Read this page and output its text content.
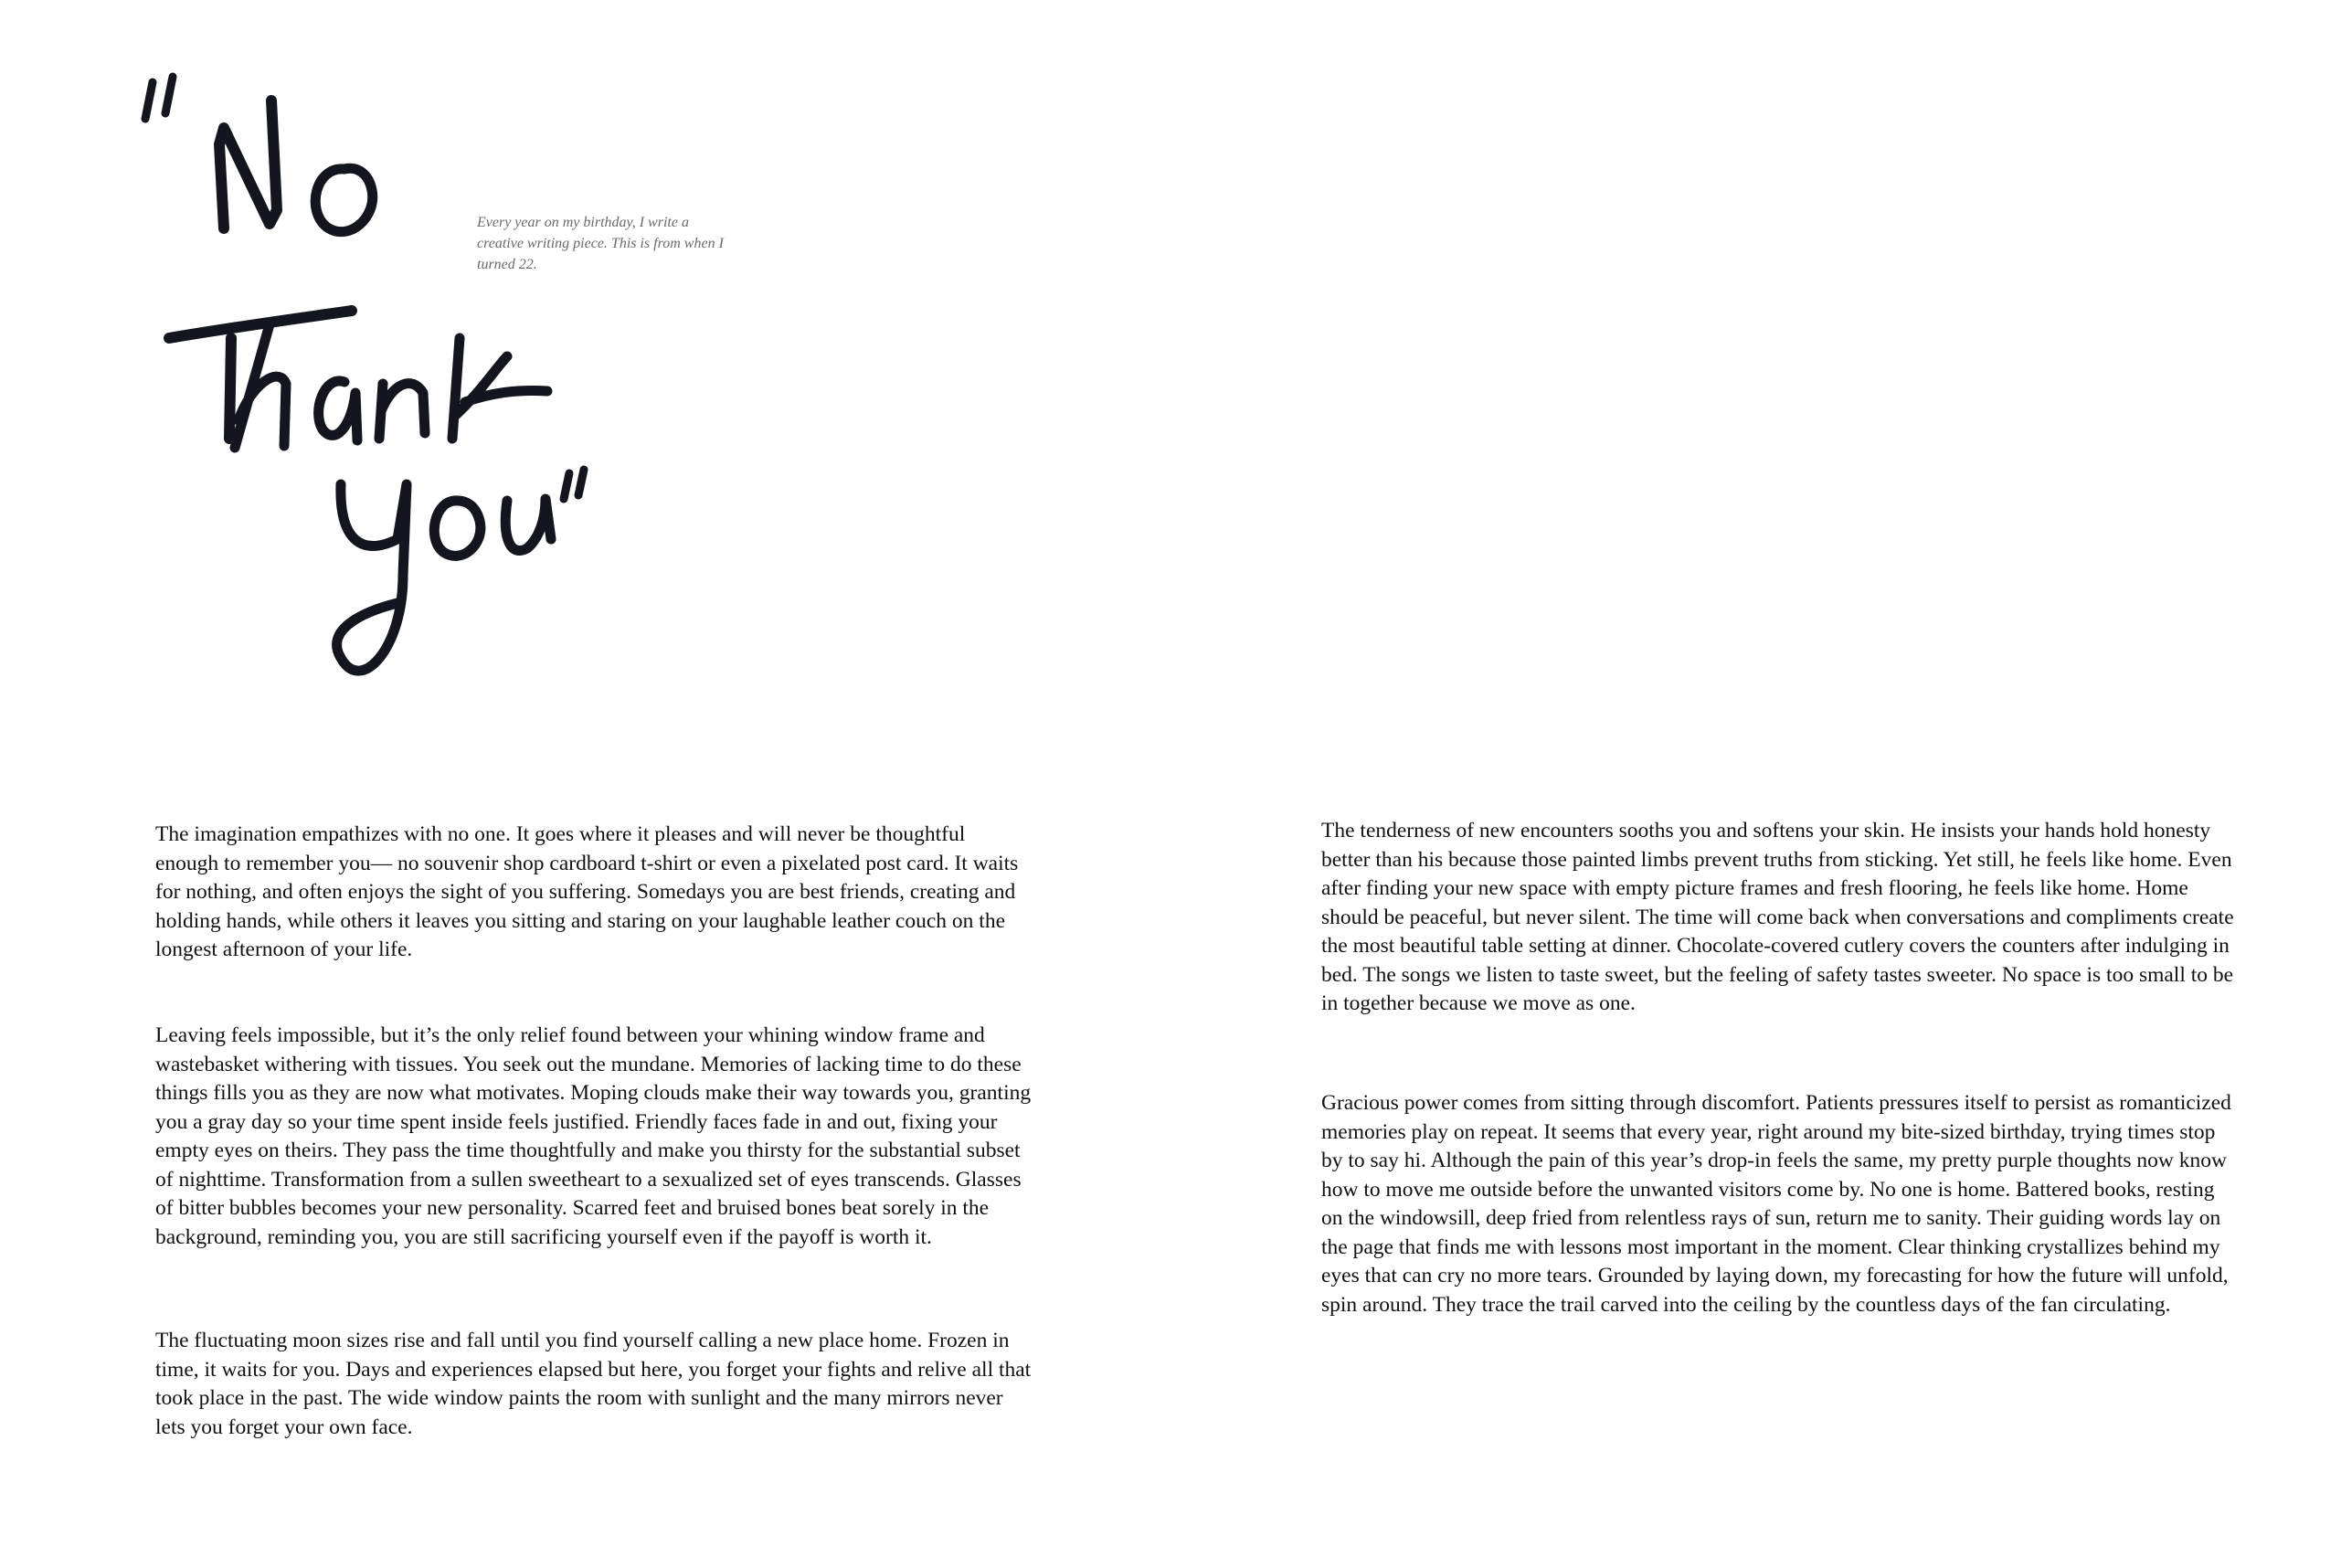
Every year on my birthday, I write a creative writing piece. This is from when I turned 22.

The imagination empathizes with no one. It goes where it pleases and will never be thoughtful enough to remember you— no souvenir shop cardboard t-shirt or even a pixelated post card. It waits for nothing, and often enjoys the sight of you suffering. Somedays you are best friends, creating and holding hands, while others it leaves you sitting and staring on your laughable leather couch on the longest afternoon of your life.

Leaving feels impossible, but it’s the only relief found between your whining window frame and wastebasket withering with tissues. You seek out the mundane. Memories of lacking time to do these things fills you as they are now what motivates. Moping clouds make their way towards you, granting you a gray day so your time spent inside feels justified. Friendly faces fade in and out, fixing your empty eyes on theirs. They pass the time thoughtfully and make you thirsty for the substantial subset of nighttime. Transformation from a sullen sweetheart to a sexualized set of eyes transcends. Glasses of bitter bubbles becomes your new personality. Scarred feet and bruised bones beat sorely in the background, reminding you, you are still sacrificing yourself even if the payoff is worth it.

The fluctuating moon sizes rise and fall until you find yourself calling a new place home. Frozen in time, it waits for you. Days and experiences elapsed but here, you forget your fights and relive all that took place in the past. The wide window paints the room with sunlight and the many mirrors never lets you forget your own face.

The tenderness of new encounters sooths you and softens your skin. He insists your hands hold honesty better than his because those painted limbs prevent truths from sticking. Yet still, he feels like home. Even after finding your new space with empty picture frames and fresh flooring, he feels like home. Home should be peaceful, but never silent. The time will come back when conversations and compliments create the most beautiful table setting at dinner. Chocolate-covered cutlery covers the counters after indulging in bed. The songs we listen to taste sweet, but the feeling of safety tastes sweeter. No space is too small to be in together because we move as one.

Gracious power comes from sitting through discomfort. Patients pressures itself to persist as romanticized memories play on repeat. It seems that every year, right around my bite-sized birthday, trying times stop by to say hi. Although the pain of this year’s drop-in feels the same, my pretty purple thoughts now know how to move me outside before the unwanted visitors come by. No one is home. Battered books, resting on the windowsill, deep fried from relentless rays of sun, return me to sanity. Their guiding words lay on the page that finds me with lessons most important in the moment. Clear thinking crystallizes behind my eyes that can cry no more tears. Grounded by laying down, my forecasting for how the future will unfold, spin around. They trace the trail carved into the ceiling by the countless days of the fan circulating.
